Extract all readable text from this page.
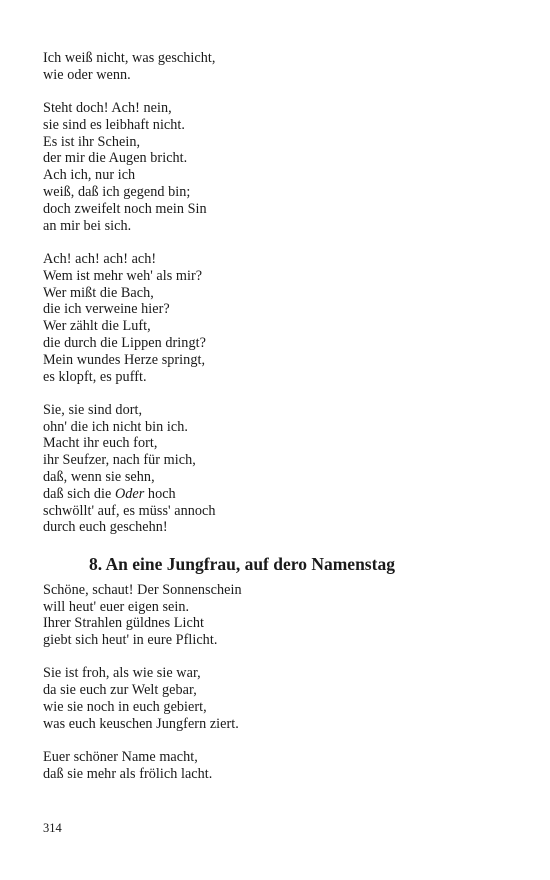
Ich weiß nicht, was geschicht,
wie oder wenn.
Steht doch! Ach! nein,
sie sind es leibhaft nicht.
Es ist ihr Schein,
der mir die Augen bricht.
Ach ich, nur ich
weiß, daß ich gegend bin;
doch zweifelt noch mein Sin
an mir bei sich.
Ach! ach! ach! ach!
Wem ist mehr weh' als mir?
Wer mißt die Bach,
die ich verweine hier?
Wer zählt die Luft,
die durch die Lippen dringt?
Mein wundes Herze springt,
es klopft, es pufft.
Sie, sie sind dort,
ohn' die ich nicht bin ich.
Macht ihr euch fort,
ihr Seufzer, nach für mich,
daß, wenn sie sehn,
daß sich die Oder hoch
schwöllt' auf, es müss' annoch
durch euch geschehn!
8. An eine Jungfrau, auf dero Namenstag
Schöne, schaut! Der Sonnenschein
will heut' euer eigen sein.
Ihrer Strahlen güldnes Licht
giebt sich heut' in eure Pflicht.
Sie ist froh, als wie sie war,
da sie euch zur Welt gebar,
wie sie noch in euch gebiert,
was euch keuschen Jungfern ziert.
Euer schöner Name macht,
daß sie mehr als frölich lacht.
314
